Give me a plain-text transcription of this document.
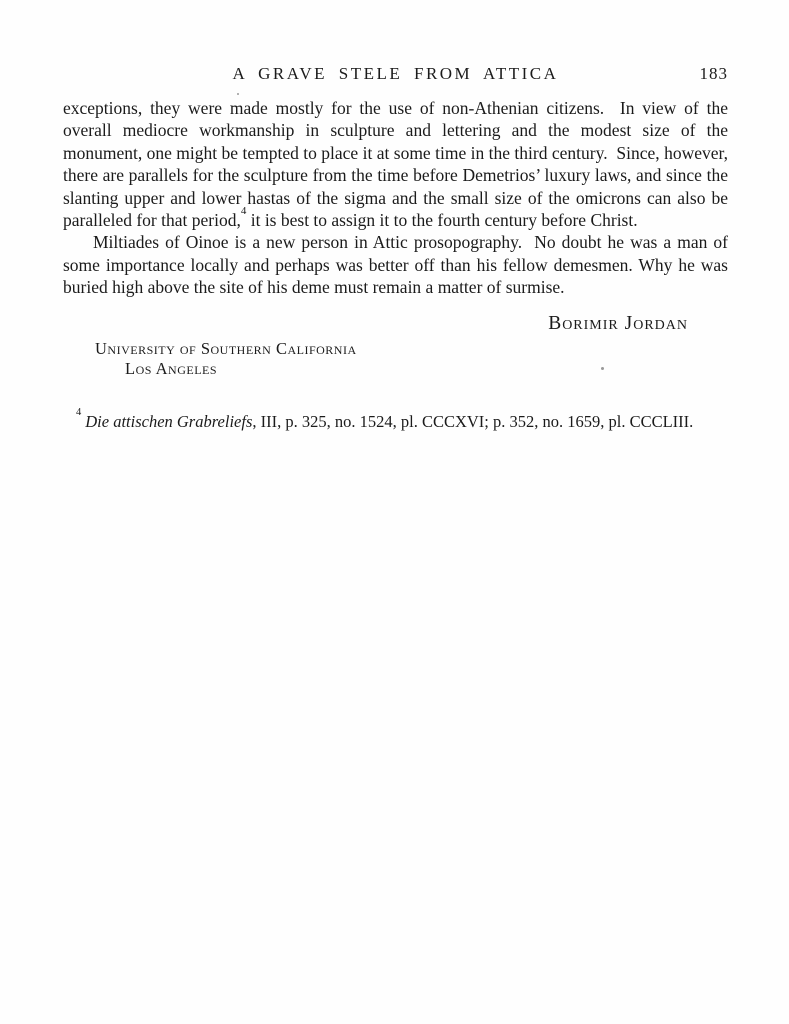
A GRAVE STELE FROM ATTICA	183

exceptions, they were made mostly for the use of non-Athenian citizens.  In view of the overall mediocre workmanship in sculpture and lettering and the modest size of the monument, one might be tempted to place it at some time in the third century.  Since, however, there are parallels for the sculpture from the time before Demetrios’ luxury laws, and since the slanting upper and lower hastas of the sigma and the small size of the omicrons can also be paralleled for that period,$^4$ it is best to assign it to the fourth century before Christ.

Miltiades of Oinoe is a new person in Attic prosopography.  No doubt he was a man of some importance locally and perhaps was better off than his fellow demesmen. Why he was buried high above the site of his deme must remain a matter of surmise.

Borimir Jordan
University of Southern California
Los Angeles

$^4$ Die attischen Grabreliefs, III, p. 325, no. 1524, pl. CCCXVI; p. 352, no. 1659, pl. CCCLIII.
